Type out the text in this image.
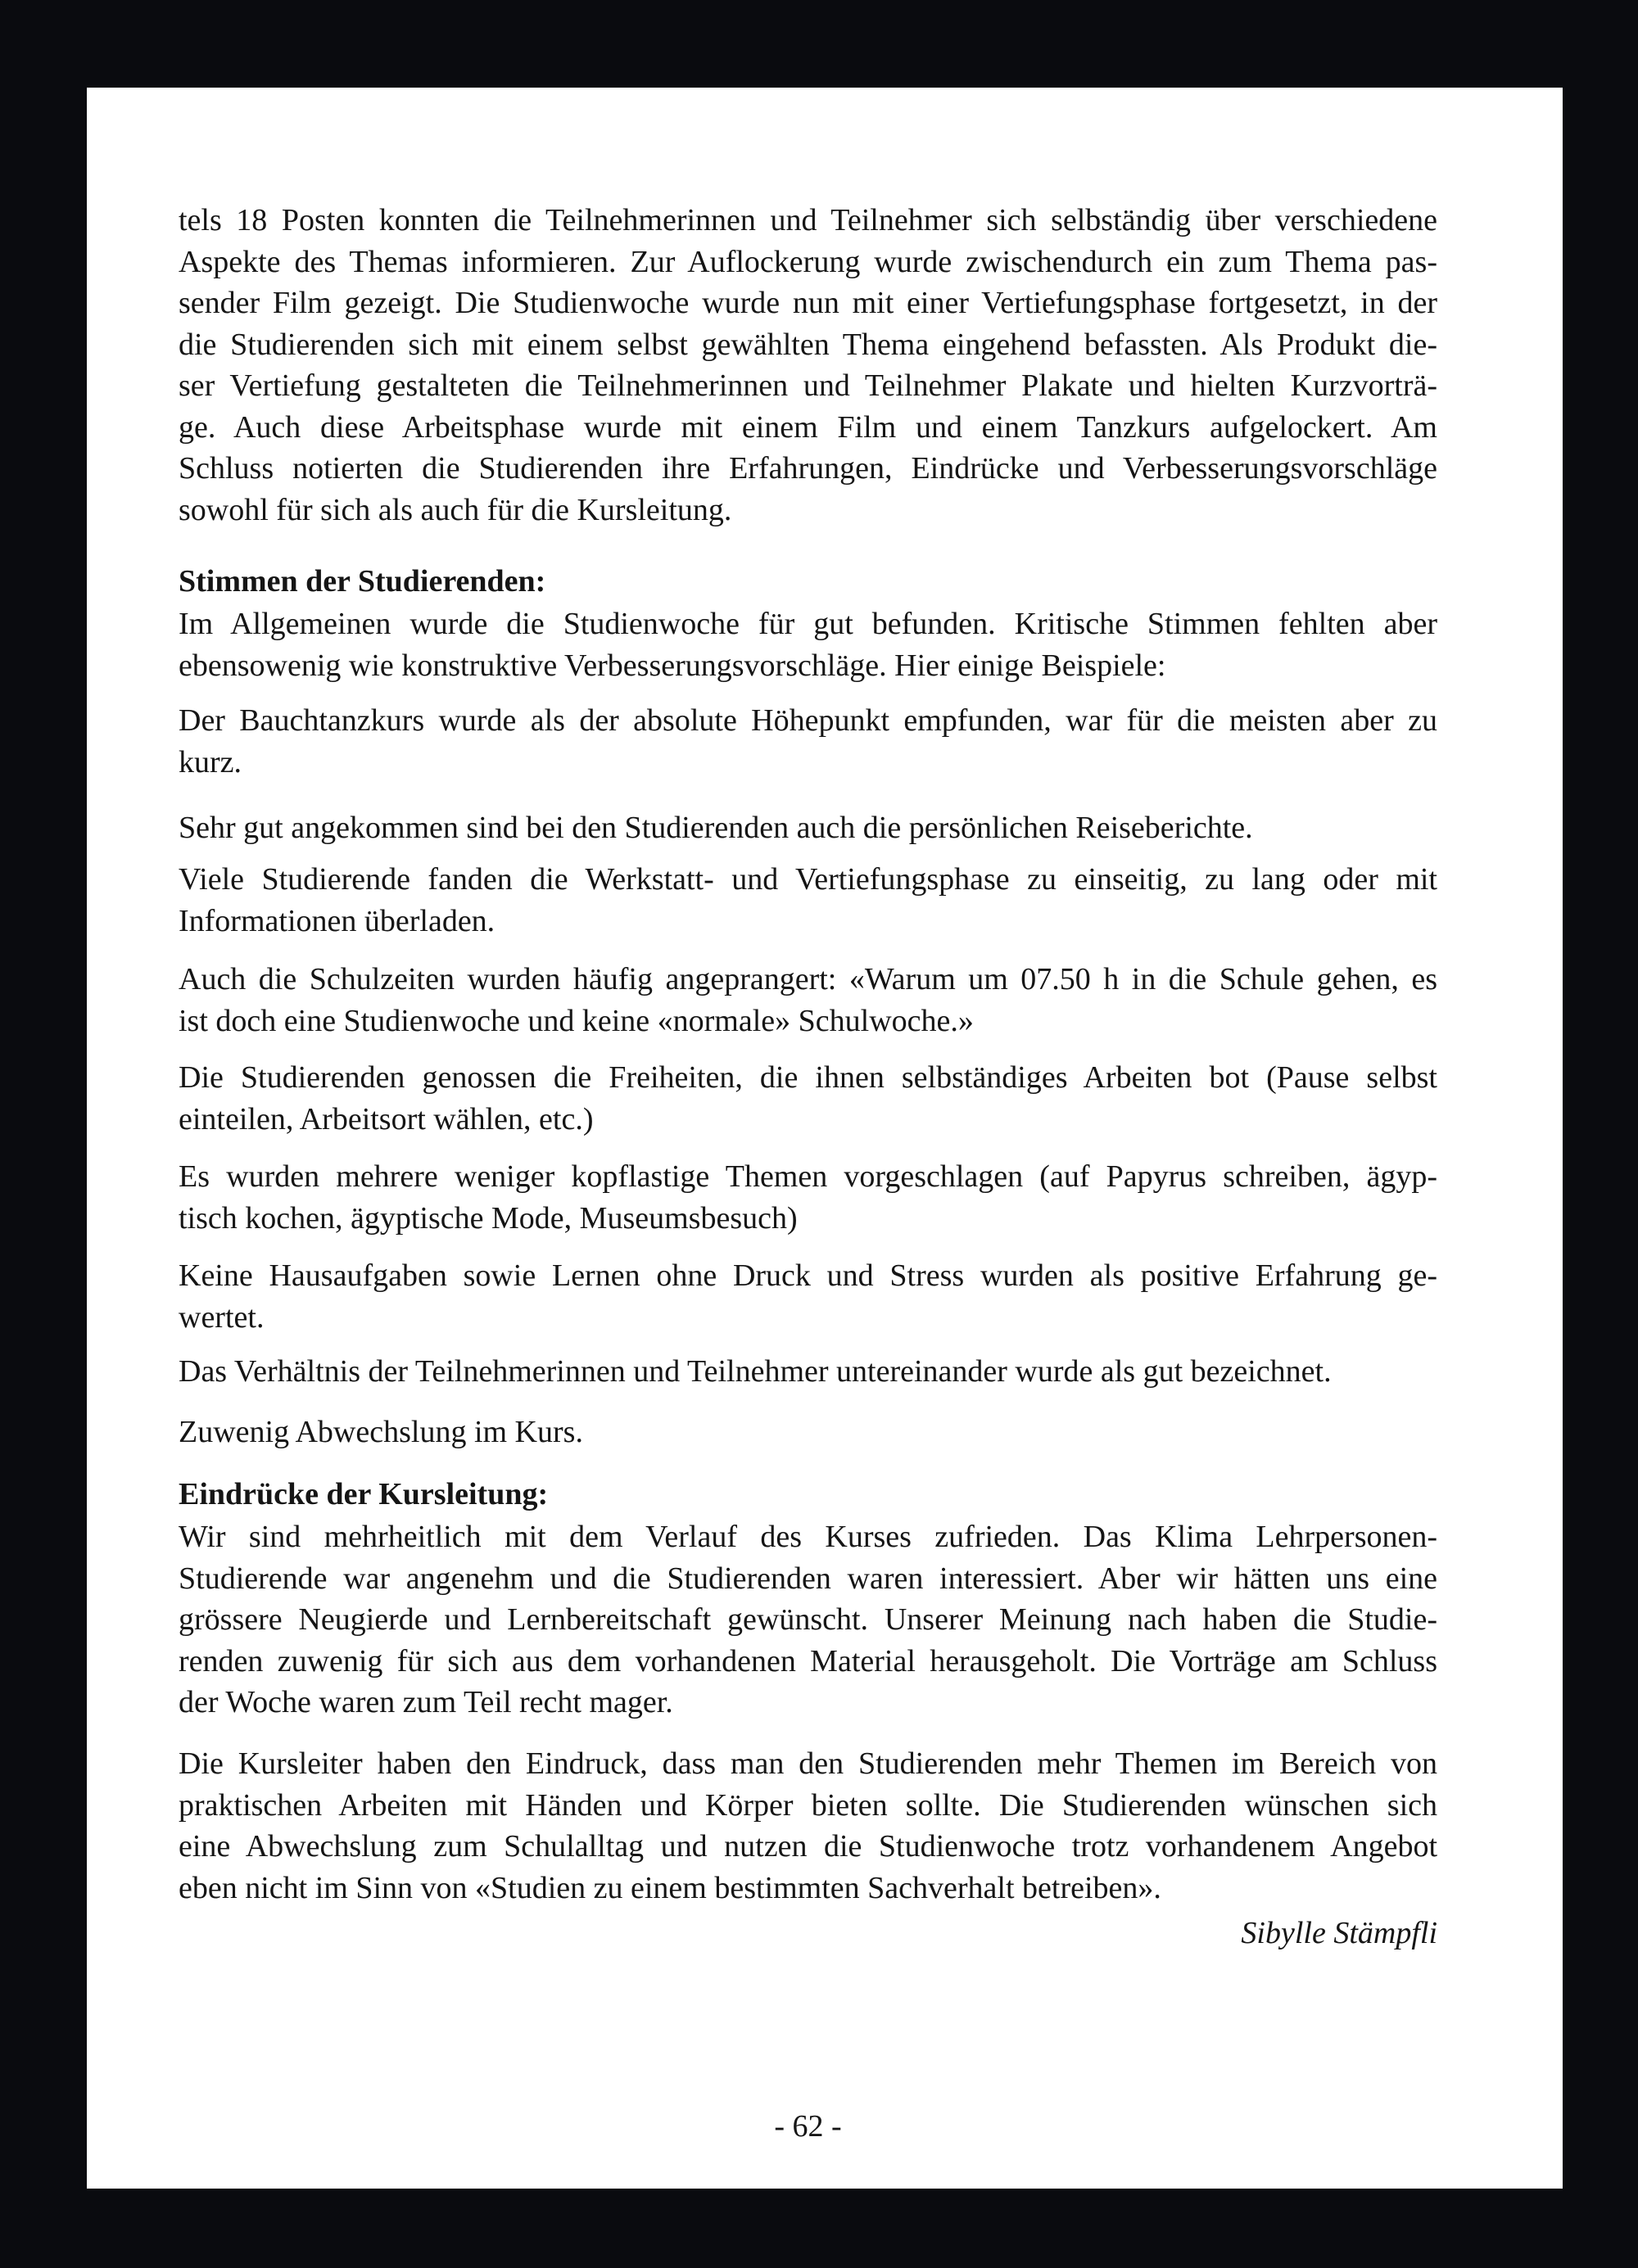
tels 18 Posten konnten die Teilnehmerinnen und Teilnehmer sich selbständig über verschiedene
Aspekte des Themas informieren. Zur Auflockerung wurde zwischendurch ein zum Thema pas-
sender Film gezeigt. Die Studienwoche wurde nun mit einer Vertiefungsphase fortgesetzt, in der
die Studierenden sich mit einem selbst gewählten Thema eingehend befassten. Als Produkt die-
ser Vertiefung gestalteten die Teilnehmerinnen und Teilnehmer Plakate und hielten Kurzvorträ-
ge. Auch diese Arbeitsphase wurde mit einem Film und einem Tanzkurs aufgelockert. Am
Schluss notierten die Studierenden ihre Erfahrungen, Eindrücke und Verbesserungsvorschläge
sowohl für sich als auch für die Kursleitung.
Stimmen der Studierenden:
Im Allgemeinen wurde die Studienwoche für gut befunden. Kritische Stimmen fehlten aber
ebensowenig wie konstruktive Verbesserungsvorschläge. Hier einige Beispiele:
Der Bauchtanzkurs wurde als der absolute Höhepunkt empfunden, war für die meisten aber zu
kurz.
Sehr gut angekommen sind bei den Studierenden auch die persönlichen Reiseberichte.
Viele Studierende fanden die Werkstatt- und Vertiefungsphase zu einseitig, zu lang oder mit
Informationen überladen.
Auch die Schulzeiten wurden häufig angeprangert: «Warum um 07.50 h in die Schule gehen, es
ist doch eine Studienwoche und keine «normale» Schulwoche.»
Die Studierenden genossen die Freiheiten, die ihnen selbständiges Arbeiten bot (Pause selbst
einteilen, Arbeitsort wählen, etc.)
Es wurden mehrere weniger kopflastige Themen vorgeschlagen (auf Papyrus schreiben, ägyp-
tisch kochen, ägyptische Mode, Museumsbesuch)
Keine Hausaufgaben sowie Lernen ohne Druck und Stress wurden als positive Erfahrung ge-
wertet.
Das Verhältnis der Teilnehmerinnen und Teilnehmer untereinander wurde als gut bezeichnet.
Zuwenig Abwechslung im Kurs.
Eindrücke der Kursleitung:
Wir sind mehrheitlich mit dem Verlauf des Kurses zufrieden. Das Klima Lehrpersonen-
Studierende war angenehm und die Studierenden waren interessiert. Aber wir hätten uns eine
grössere Neugierde und Lernbereitschaft gewünscht. Unserer Meinung nach haben die Studie-
renden zuwenig für sich aus dem vorhandenen Material herausgeholt. Die Vorträge am Schluss
der Woche waren zum Teil recht mager.
Die Kursleiter haben den Eindruck, dass man den Studierenden mehr Themen im Bereich von
praktischen Arbeiten mit Händen und Körper bieten sollte. Die Studierenden wünschen sich
eine Abwechslung zum Schulalltag und nutzen die Studienwoche trotz vorhandenem Angebot
eben nicht im Sinn von «Studien zu einem bestimmten Sachverhalt betreiben».
Sibylle Stämpfli
- 62 -
